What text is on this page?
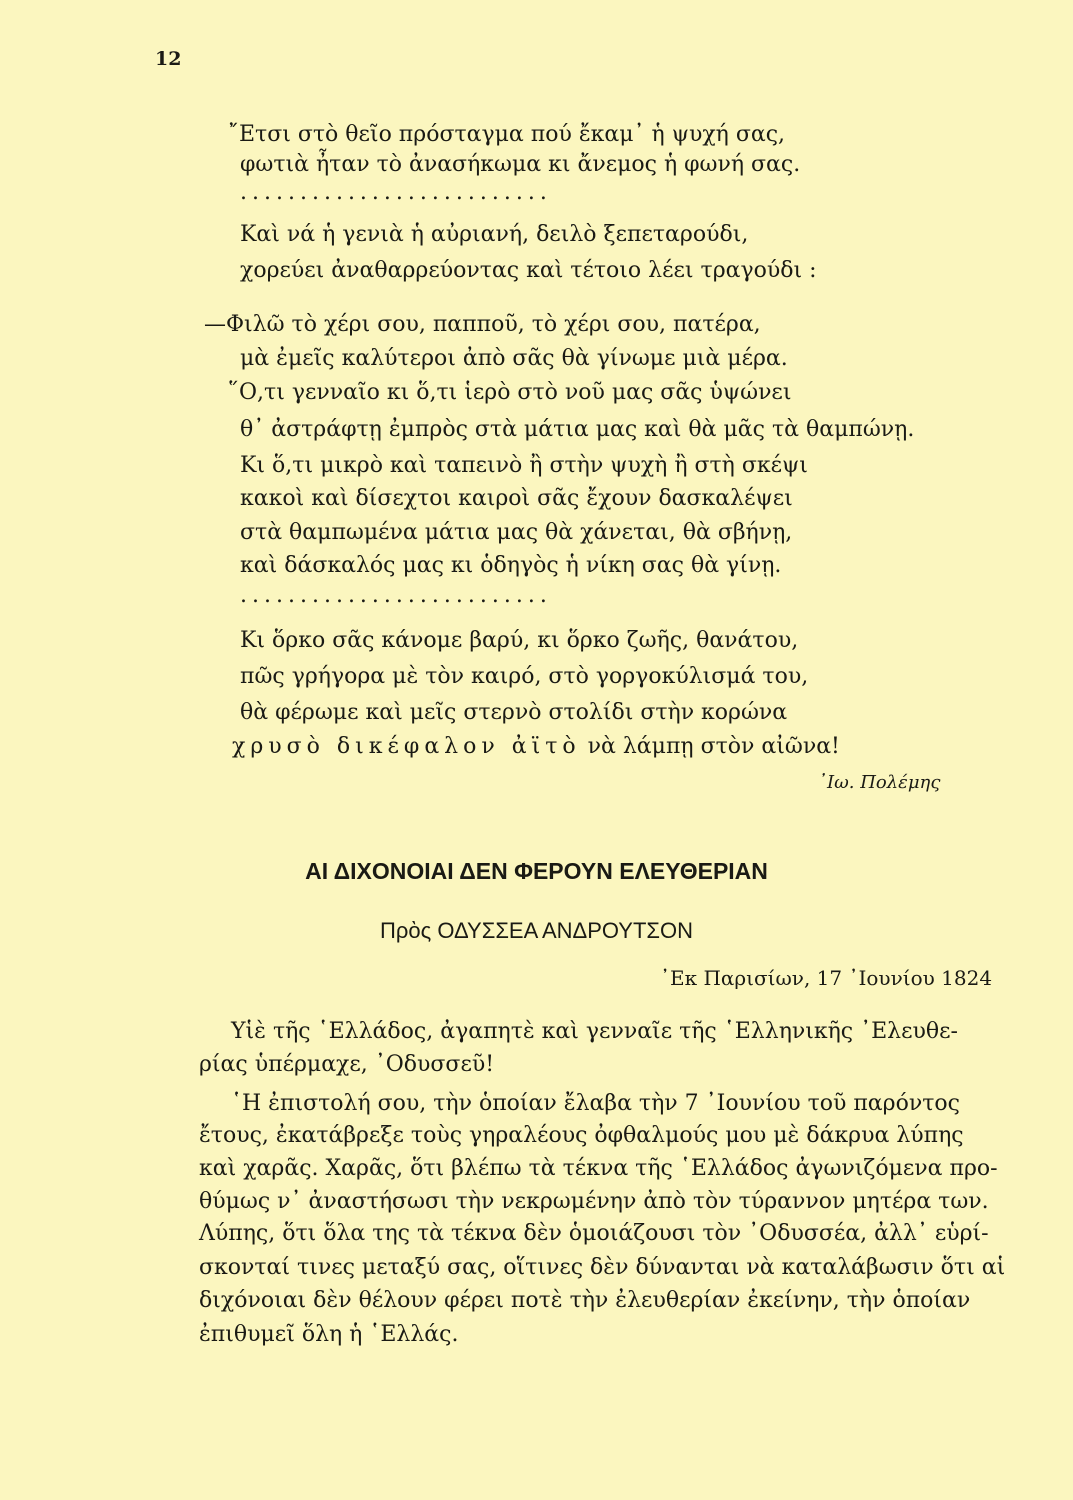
12
῎Ετσι στὸ θεῖο πρόσταγμα πού ἔκαμ᾿ ἡ ψυχή σας,
φωτιὰ ἦταν τὸ ἀνασήκωμα κι ἄνεμος ἡ φωνή σας.
..........................
Καὶ νά ἡ γενιὰ ἡ αὐριανή, δειλὸ ξεπεταρούδι,
χορεύει ἀναθαρρεύοντας καὶ τέτοιο λέει τραγούδι :
—Φιλῶ τὸ χέρι σου, παπποῦ, τὸ χέρι σου, πατέρα,
μὰ ἐμεῖς καλύτεροι ἀπὸ σᾶς θὰ γίνωμε μιὰ μέρα.
῞Ο,τι γενναῖο κι ὅ,τι ἱερὸ στὸ νοῦ μας σᾶς ὑψώνει
θ᾿ ἀστράφτῃ ἐμπρὸς στὰ μάτια μας καὶ θὰ μᾶς τὰ θαμπώνῃ.
Κι ὅ,τι μικρὸ καὶ ταπεινὸ ἢ στὴν ψυχὴ ἢ στὴ σκέψι
κακοὶ καὶ δίσεχτοι καιροὶ σᾶς ἔχουν δασκαλέψει
στὰ θαμπωμένα μάτια μας θὰ χάνεται, θὰ σβήνῃ,
καὶ δάσκαλός μας κι ὁδηγὸς ἡ νίκη σας θὰ γίνῃ.
..........................
Κι ὅρκο σᾶς κάνομε βαρύ, κι ὅρκο ζωῆς, θανάτου,
πῶς γρήγορα μὲ τὸν καιρό, στὸ γοργοκύλισμά του,
θὰ φέρωμε καὶ μεῖς στερνὸ στολίδι στὴν κορώνα
χρυσὸ δικέφαλον ἀϊτὸ νὰ λάμπῃ στὸν αἰῶνα!
᾿Ιω. Πολέμης
ΑΙ ΔΙΧΟΝΟΙΑΙ ΔΕΝ ΦΕΡΟΥΝ ΕΛΕΥΘΕΡΙΑΝ
Πρὸς ΟΔΥΣΣΕΑ ΑΝΔΡΟΥΤΣΟΝ
᾿Εκ Παρισίων, 17 ᾿Ιουνίου 1824
Υἱὲ τῆς ῾Ελλάδος, ἀγαπητὲ καὶ γενναῖε τῆς ῾Ελληνικῆς ᾿Ελευθε-
ρίας ὑπέρμαχε, ᾿Οδυσσεῦ!
῾Η ἐπιστολή σου, τὴν ὁποίαν ἔλαβα τὴν 7 ᾿Ιουνίου τοῦ παρόντος
ἔτους, ἐκατάβρεξε τοὺς γηραλέους ὀφθαλμούς μου μὲ δάκρυα λύπης
καὶ χαρᾶς. Χαρᾶς, ὅτι βλέπω τὰ τέκνα τῆς ῾Ελλάδος ἀγωνιζόμενα προ-
θύμως ν᾿ ἀναστήσωσι τὴν νεκρωμένην ἀπὸ τὸν τύραννον μητέρα των.
Λύπης, ὅτι ὅλα της τὰ τέκνα δὲν ὁμοιάζουσι τὸν ᾿Οδυσσέα, ἀλλ᾿ εὑρί-
σκονταί τινες μεταξύ σας, οἵτινες δὲν δύνανται νὰ καταλάβωσιν ὅτι αἱ
διχόνοιαι δὲν θέλουν φέρει ποτὲ τὴν ἐλευθερίαν ἐκείνην, τὴν ὁποίαν
ἐπιθυμεῖ ὅλη ἡ ῾Ελλάς.
